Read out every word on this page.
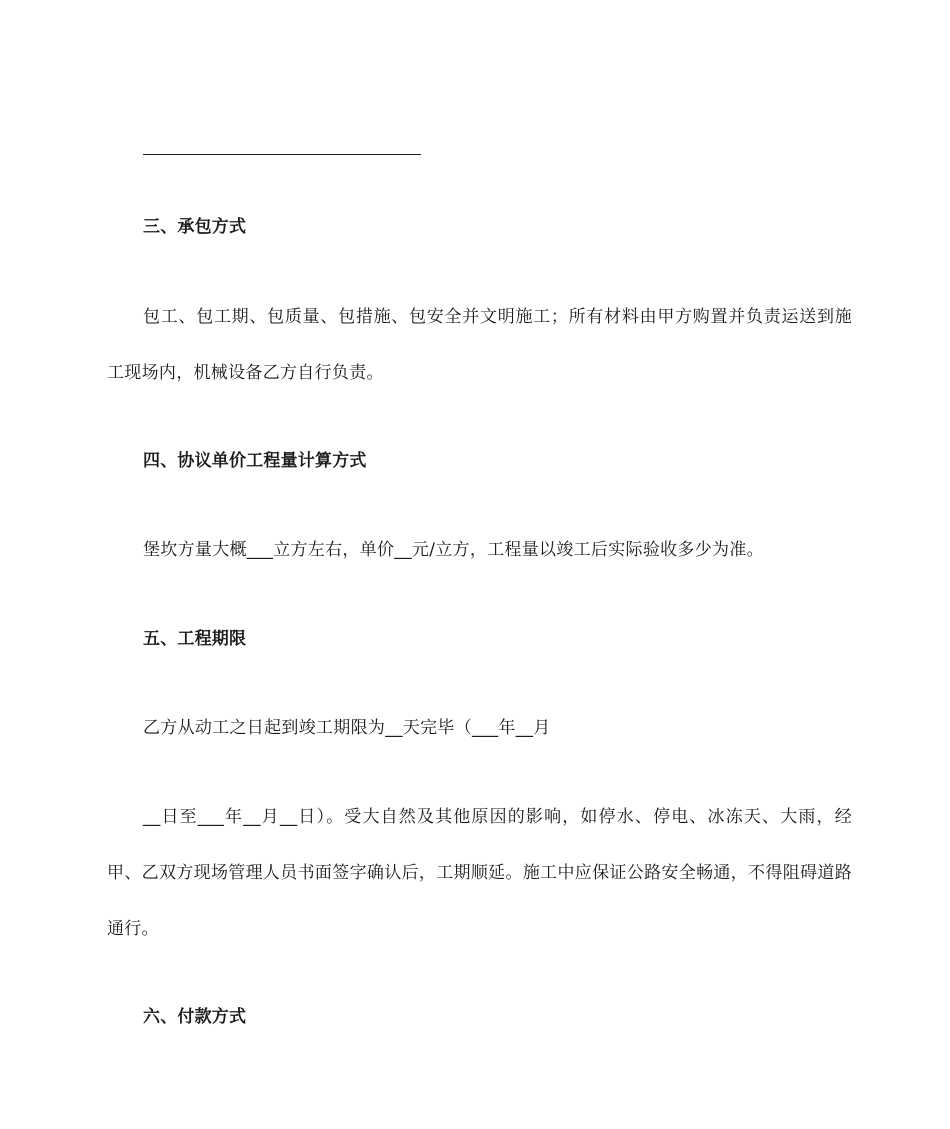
三、承包方式
包工、包工期、包质量、包措施、包安全并文明施工；所有材料由甲方购置并负责运送到施工现场内，机械设备乙方自行负责。
四、协议单价工程量计算方式
堡坎方量大概___立方左右，单价__元/立方，工程量以竣工后实际验收多少为准。
五、工程期限
乙方从动工之日起到竣工期限为__天完毕（___年__月
__日至___年__月__日）。受大自然及其他原因的影响，如停水、停电、冰冻天、大雨，经甲、乙双方现场管理人员书面签字确认后，工期顺延。施工中应保证公路安全畅通，不得阻碍道路通行。
六、付款方式
